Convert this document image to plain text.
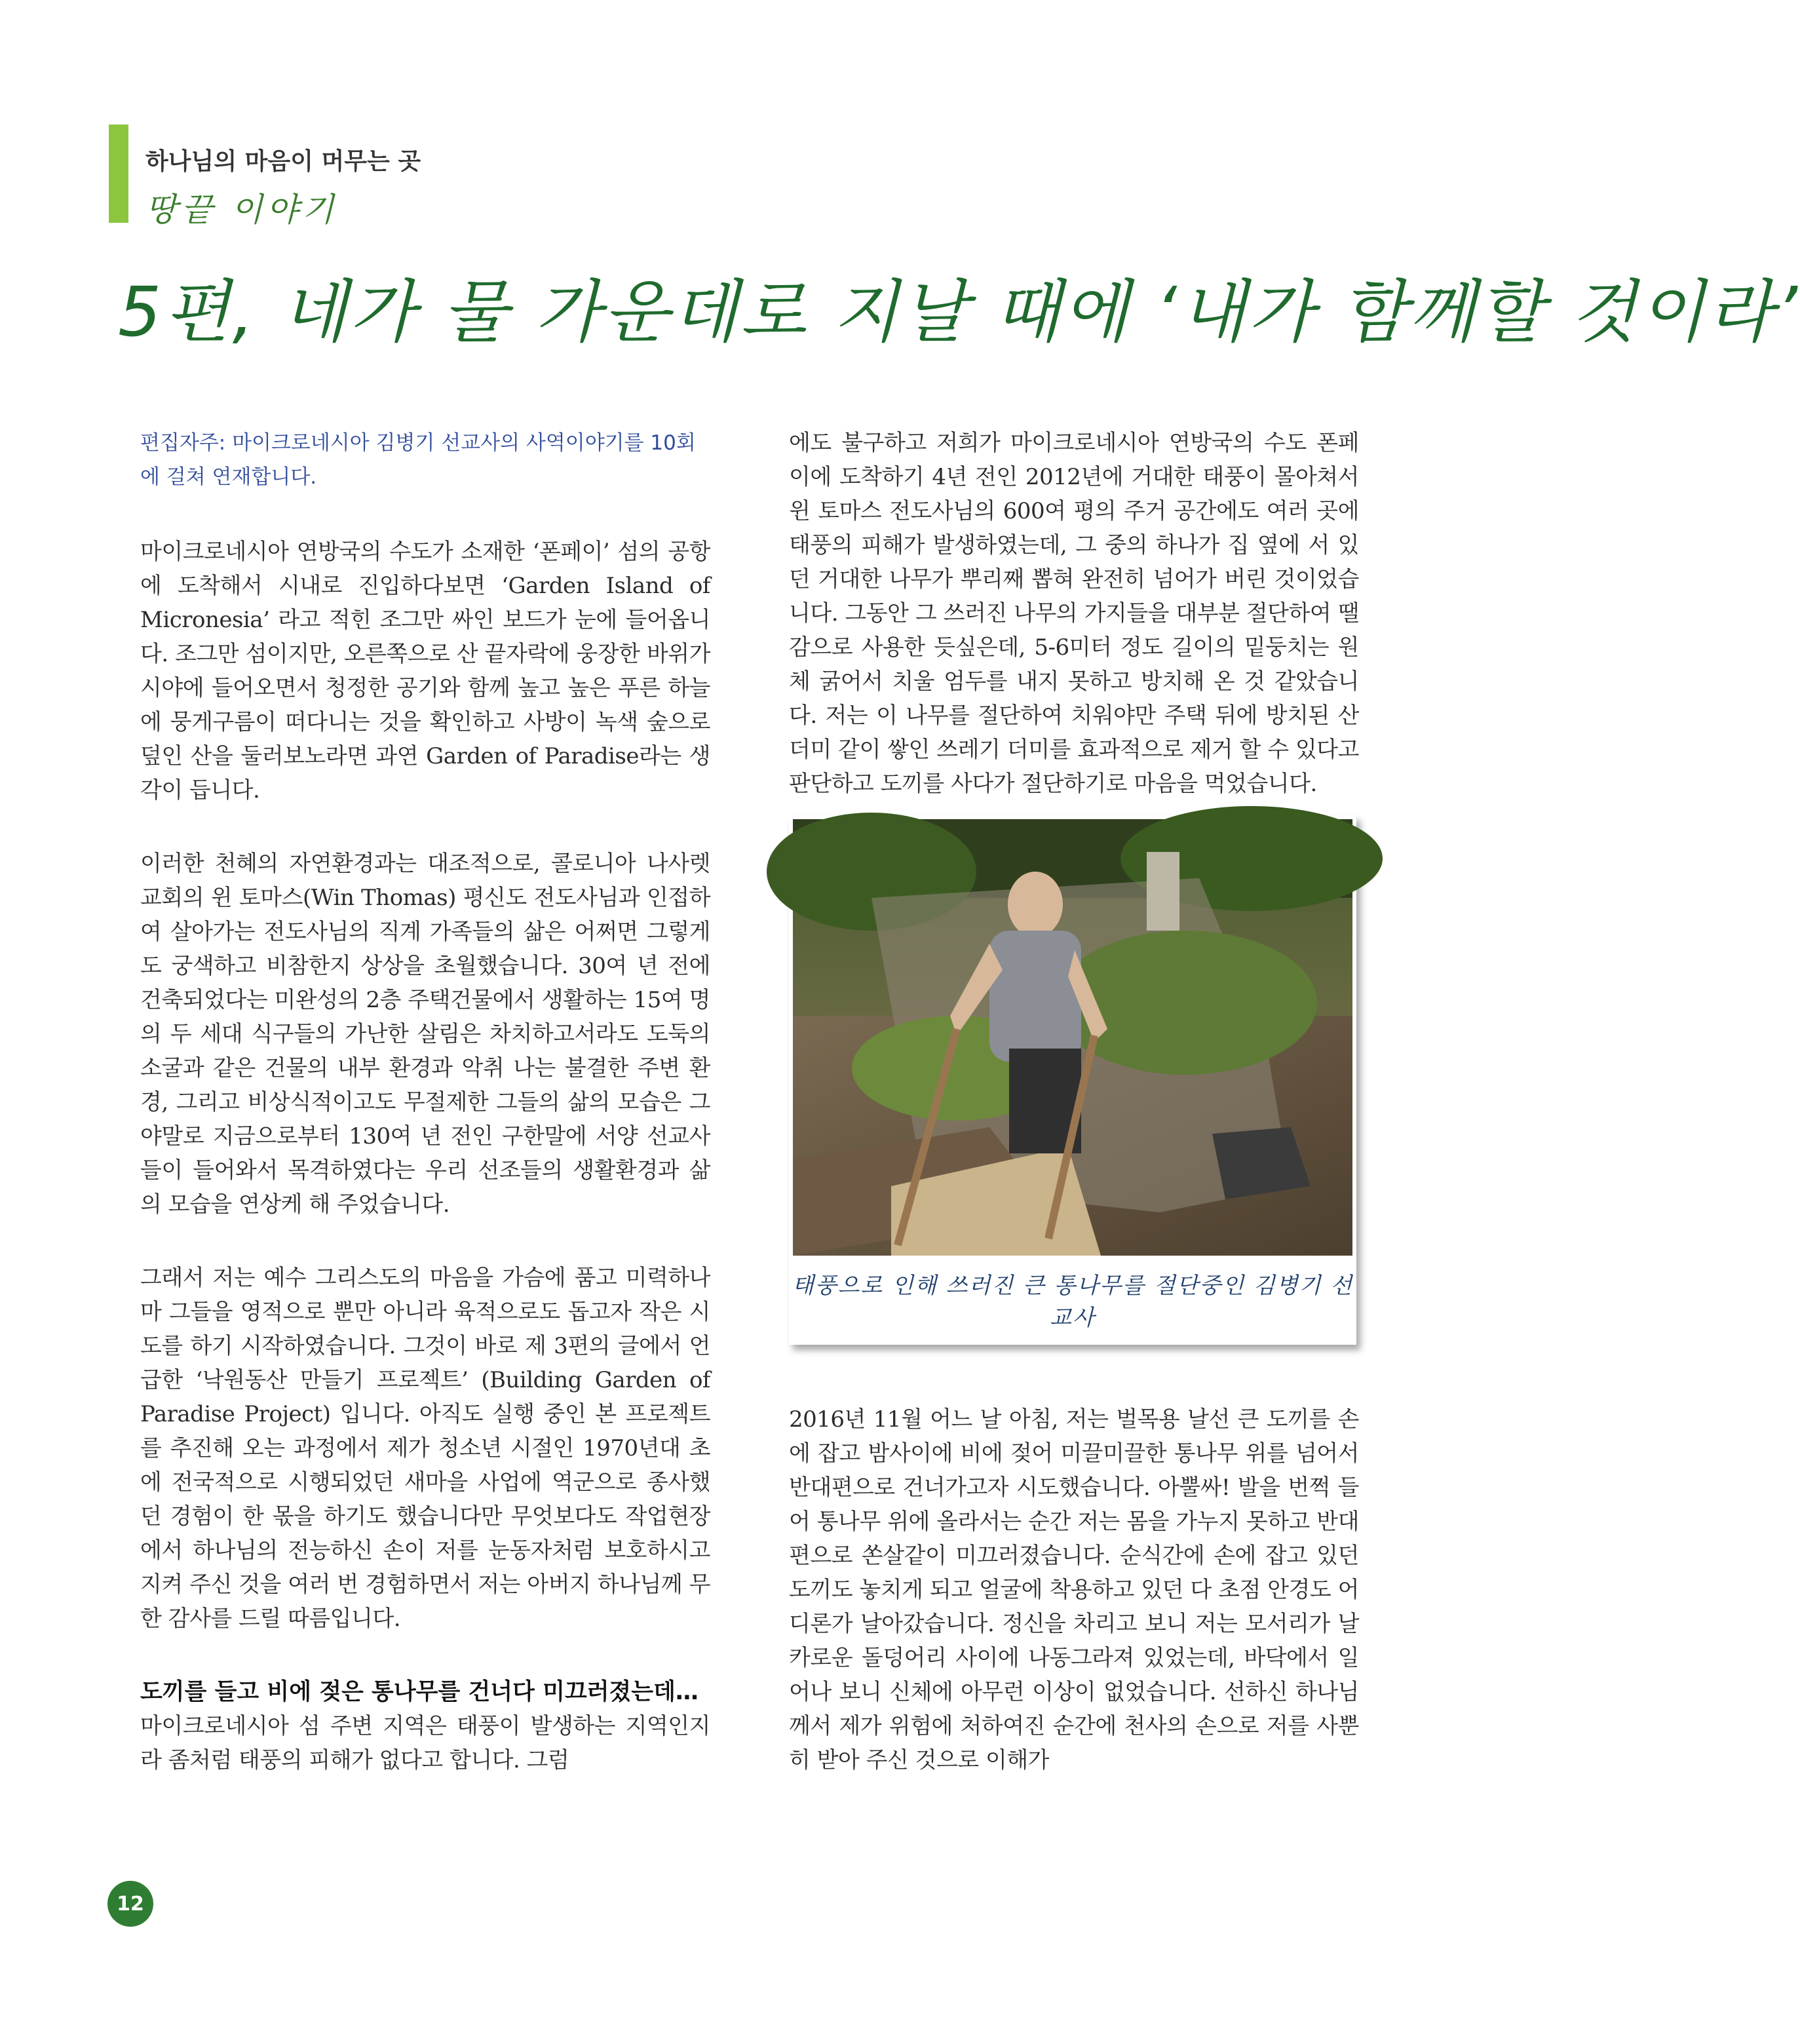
하나님의 마음이 머무는 곳
땅끝 이야기
5편, 네가 물 가운데로 지날 때에 ‘내가 함께할 것이라’

편집자주: 마이크로네시아 김병기 선교사의 사역이야기를 10회에 걸쳐 연재합니다.

마이크로네시아 연방국의 수도가 소재한 ‘폰페이’ 섬의 공항에 도착해서 시내로 진입하다보면 ‘Garden Island of Micronesia’ 라고 적힌 조그만 싸인 보드가 눈에 들어옵니다. 조그만 섬이지만, 오른쪽으로 산 끝자락에 웅장한 바위가 시야에 들어오면서 청정한 공기와 함께 높고 높은 푸른 하늘에 뭉게구름이 떠다니는 것을 확인하고 사방이 녹색 숲으로 덮인 산을 둘러보노라면 과연 Garden of Paradise라는 생각이 듭니다.

이러한 천혜의 자연환경과는 대조적으로, 콜로니아 나사렛교회의 윈 토마스(Win Thomas) 평신도 전도사님과 인접하여 살아가는 전도사님의 직계 가족들의 삶은 어쩌면 그렇게도 궁색하고 비참한지 상상을 초월했습니다. 30여 년 전에 건축되었다는 미완성의 2층 주택건물에서 생활하는 15여 명의 두 세대 식구들의 가난한 살림은 차치하고서라도 도둑의 소굴과 같은 건물의 내부 환경과 악취 나는 불결한 주변 환경, 그리고 비상식적이고도 무절제한 그들의 삶의 모습은 그야말로 지금으로부터 130여 년 전인 구한말에 서양 선교사들이 들어와서 목격하였다는 우리 선조들의 생활환경과 삶의 모습을 연상케 해 주었습니다.

그래서 저는 예수 그리스도의 마음을 가슴에 품고 미력하나마 그들을 영적으로 뿐만 아니라 육적으로도 돕고자 작은 시도를 하기 시작하였습니다. 그것이 바로 제 3편의 글에서 언급한 ‘낙원동산 만들기 프로젝트’ (Building Garden of Paradise Project) 입니다. 아직도 실행 중인 본 프로젝트를 추진해 오는 과정에서 제가 청소년 시절인 1970년대 초에 전국적으로 시행되었던 새마을 사업에 역군으로 종사했던 경험이 한 몫을 하기도 했습니다만 무엇보다도 작업현장에서 하나님의 전능하신 손이 저를 눈동자처럼 보호하시고 지켜 주신 것을 여러 번 경험하면서 저는 아버지 하나님께 무한 감사를 드릴 따름입니다.

도끼를 들고 비에 젖은 통나무를 건너다 미끄러졌는데…

마이크로네시아 섬 주변 지역은 태풍이 발생하는 지역인지라 좀처럼 태풍의 피해가 없다고 합니다. 그럼

에도 불구하고 저희가 마이크로네시아 연방국의 수도 폰페이에 도착하기 4년 전인 2012년에 거대한 태풍이 몰아쳐서 윈 토마스 전도사님의 600여 평의 주거 공간에도 여러 곳에 태풍의 피해가 발생하였는데, 그 중의 하나가 집 옆에 서 있던 거대한 나무가 뿌리째 뽑혀 완전히 넘어가 버린 것이었습니다. 그동안 그 쓰러진 나무의 가지들을 대부분 절단하여 땔감으로 사용한 듯싶은데, 5-6미터 정도 길이의 밑둥치는 원체 굵어서 치울 엄두를 내지 못하고 방치해 온 것 같았습니다. 저는 이 나무를 절단하여 치워야만 주택 뒤에 방치된 산더미 같이 쌓인 쓰레기 더미를 효과적으로 제거 할 수 있다고 판단하고 도끼를 사다가 절단하기로 마음을 먹었습니다.

태풍으로 인해 쓰러진 큰 통나무를 절단중인 김병기 선교사

2016년 11월 어느 날 아침, 저는 벌목용 날선 큰 도끼를 손에 잡고 밤사이에 비에 젖어 미끌미끌한 통나무 위를 넘어서 반대편으로 건너가고자 시도했습니다. 아뿔싸! 발을 번쩍 들어 통나무 위에 올라서는 순간 저는 몸을 가누지 못하고 반대편으로 쏜살같이 미끄러졌습니다. 순식간에 손에 잡고 있던 도끼도 놓치게 되고 얼굴에 착용하고 있던 다 초점 안경도 어디론가 날아갔습니다. 정신을 차리고 보니 저는 모서리가 날카로운 돌덩어리 사이에 나동그라져 있었는데, 바닥에서 일어나 보니 신체에 아무런 이상이 없었습니다. 선하신 하나님께서 제가 위험에 처하여진 순간에 천사의 손으로 저를 사뿐히 받아 주신 것으로 이해가

12
